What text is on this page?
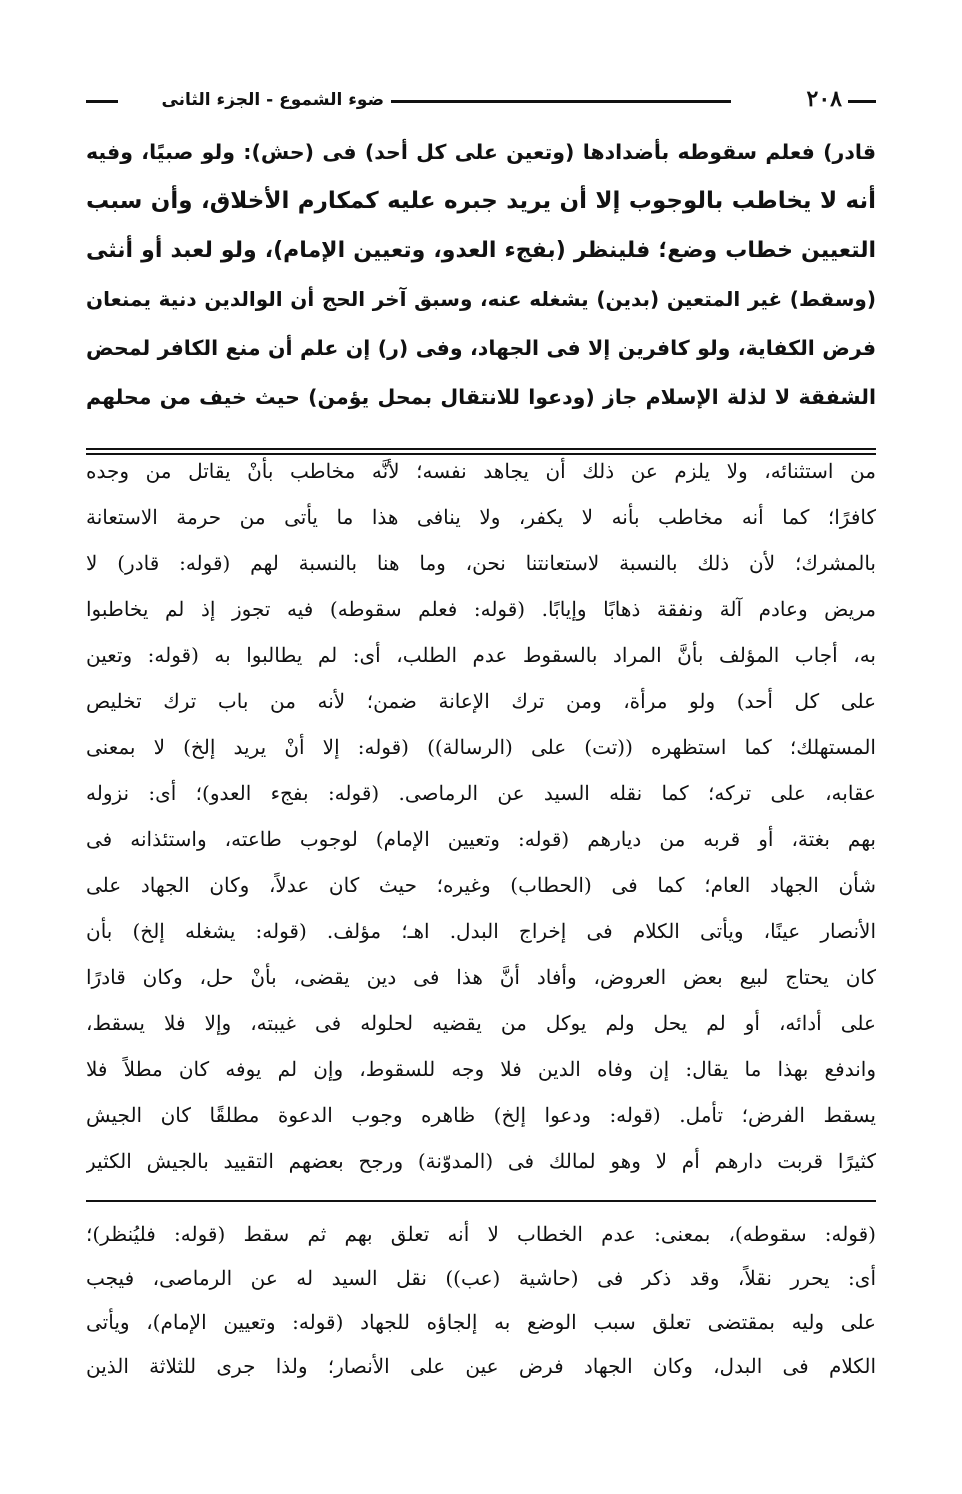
٢٠٨
ضوء الشموع - الجزء الثانى
قادر) فعلم سقوطه بأضدادها (وتعين على كل أحد) فى (حش): ولو صبيًا، وفيه
أنه لا يخاطب بالوجوب إلا أن يريد جبره عليه كمكارم الأخلاق، وأن سبب
التعيين خطاب وضع؛ فلينظر (بفجء العدو، وتعيين الإمام)، ولو لعبد أو أنثى
(وسقط) غير المتعين (بدين) يشغله عنه، وسبق آخر الحج أن الوالدين دنية يمنعان
فرض الكفاية، ولو كافرين إلا فى الجهاد، وفى (ر) إن علم أن منع الكافر لمحض
الشفقة لا لذلة الإسلام جاز (ودعوا للانتقال بمحل يؤمن) حيث خيف من محلهم
من استثنائه، ولا يلزم عن ذلك أن يجاهد نفسه؛ لأنَّه مخاطب بأنْ يقاتل من وجده
كافرًا؛ كما أنه مخاطب بأنه لا يكفر، ولا ينافى هذا ما يأتى من حرمة الاستعانة
بالمشرك؛ لأن ذلك بالنسبة لاستعانتنا نحن، وما هنا بالنسبة لهم (قوله: قادر) لا
مريض وعادم آلة ونفقة ذهابًا وإيابًا. (قوله: فعلم سقوطه) فيه تجوز إذ لم يخاطبوا
به، أجاب المؤلف بأنَّ المراد بالسقوط عدم الطلب، أى: لم يطالبوا به (قوله: وتعين
على كل أحد) ولو مرأة، ومن ترك الإعانة ضمن؛ لأنه من باب ترك تخليص
المستهلك؛ كما استظهره ((تت) على (الرسالة)) (قوله: إلا أنْ يريد إلخ) لا بمعنى
عقابه، على تركه؛ كما نقله السيد عن الرماصى. (قوله: بفجء العدو)؛ أى: نزوله
بهم بغتة، أو قربه من ديارهم (قوله: وتعيين الإمام) لوجوب طاعته، واستئذانه فى
شأن الجهاد العام؛ كما فى (الحطاب) وغيره؛ حيث كان عدلاً، وكان الجهاد على
الأنصار عينًا، ويأتى الكلام فى إخراج البدل. اهـ؛ مؤلف. (قوله: يشغله إلخ) بأن
كان يحتاج لبيع بعض العروض، وأفاد أنَّ هذا فى دين يقضى، بأنْ حل، وكان قادرًا
على أدائه، أو لم يحل ولم يوكل من يقضيه لحلوله فى غيبته، وإلا فلا يسقط،
واندفع بهذا ما يقال: إن وفاه الدين فلا وجه للسقوط، وإن لم يوفه كان مطلاً فلا
يسقط الفرض؛ تأمل. (قوله: ودعوا إلخ) ظاهره وجوب الدعوة مطلقًا كان الجيش
كثيرًا قربت دارهم أم لا وهو لمالك فى (المدوّنة) ورجح بعضهم التقييد بالجيش الكثير
(قوله: سقوطه)، بمعنى: عدم الخطاب لا أنه تعلق بهم ثم سقط (قوله: فليُنظر)؛
أى: يحرر نقلاً، وقد ذكر فى (حاشية (عب)) نقل السيد له عن الرماصى، فيجب
على وليه بمقتضى تعلق سبب الوضع به إلجاؤه للجهاد (قوله: وتعيين الإمام)، ويأتى
الكلام فى البدل، وكان الجهاد فرض عين على الأنصار؛ ولذا جرى للثلاثة الذين
